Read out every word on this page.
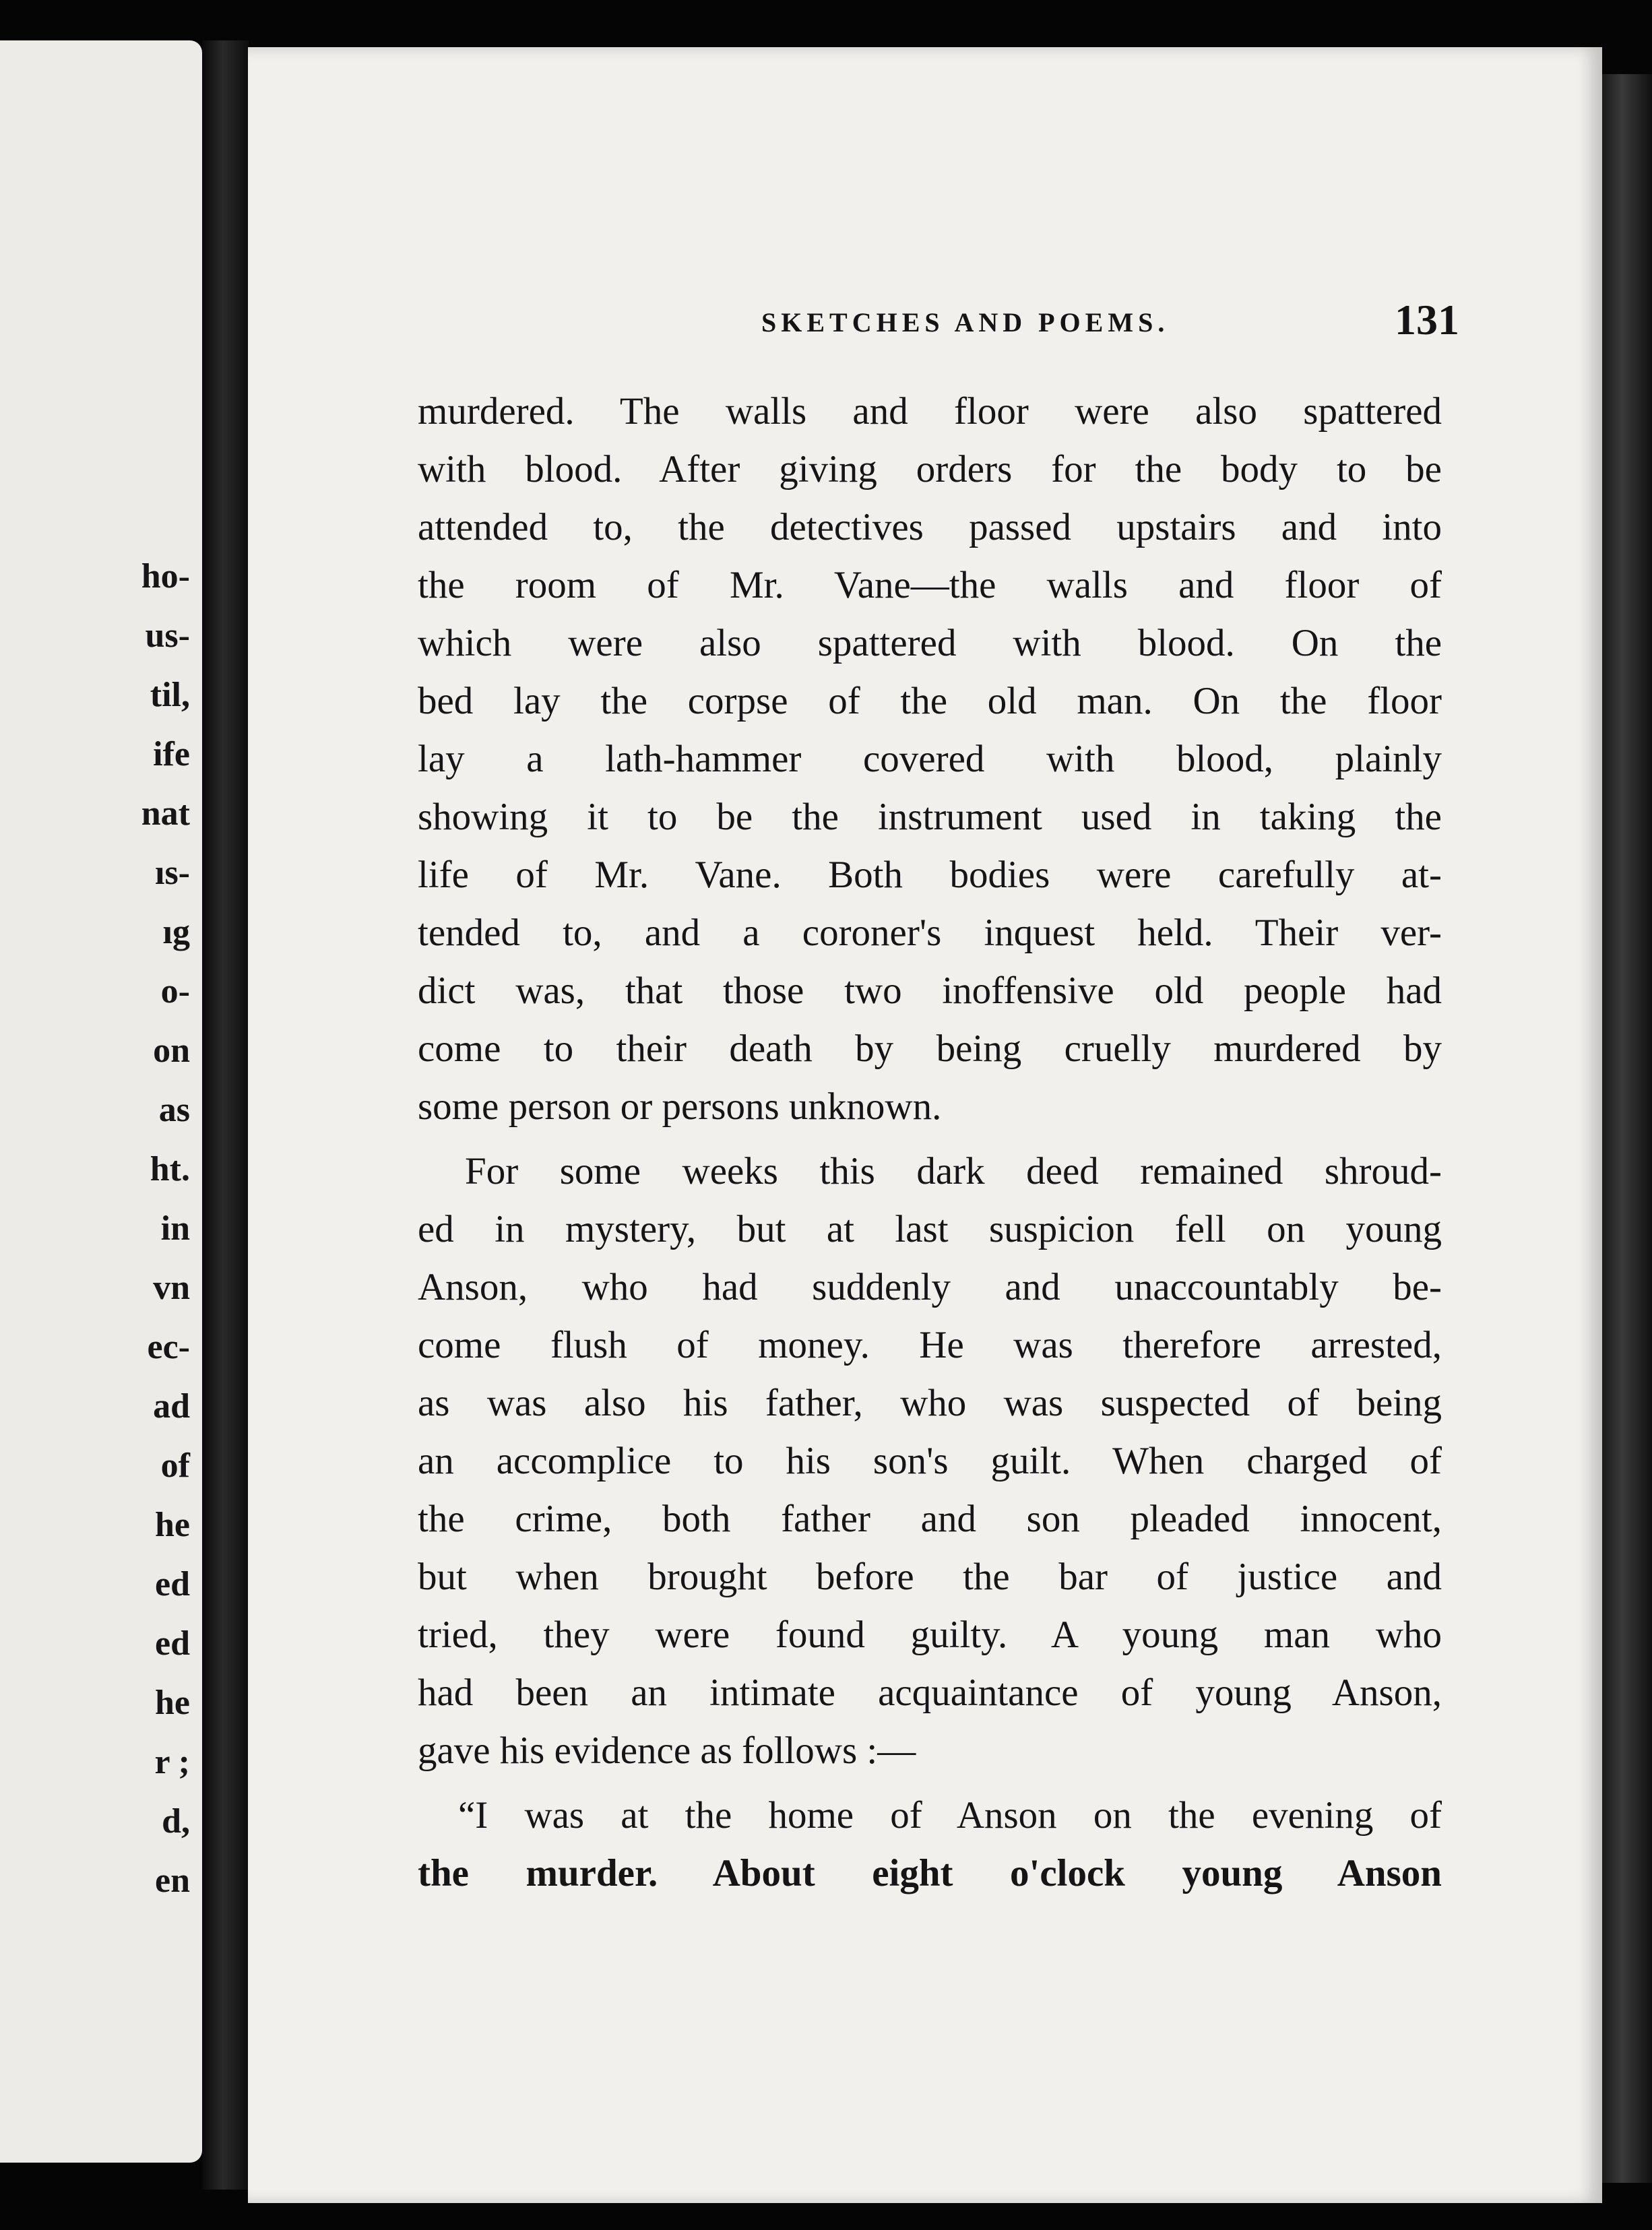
ho-
us-
til,
ife
nat
ıs-
ıg
o-
on
as
ht.
in
vn
ec-
ad
of
he
ed
ed
he
r ;
d,
en
SKETCHES AND POEMS.	131
murdered. The walls and floor were also spattered
with blood. After giving orders for the body to be
attended to, the detectives passed upstairs and into
the room of Mr. Vane—the walls and floor of
which were also spattered with blood. On the
bed lay the corpse of the old man. On the floor
lay a lath-hammer covered with blood, plainly
showing it to be the instrument used in taking the
life of Mr. Vane. Both bodies were carefully at-
tended to, and a coroner's inquest held. Their ver-
dict was, that those two inoffensive old people had
come to their death by being cruelly murdered by
some person or persons unknown.
For some weeks this dark deed remained shroud-
ed in mystery, but at last suspicion fell on young
Anson, who had suddenly and unaccountably be-
come flush of money. He was therefore arrested,
as was also his father, who was suspected of being
an accomplice to his son's guilt. When charged of
the crime, both father and son pleaded innocent,
but when brought before the bar of justice and
tried, they were found guilty. A young man who
had been an intimate acquaintance of young Anson,
gave his evidence as follows :—
“I was at the home of Anson on the evening of
the murder. About eight o'clock young Anson
